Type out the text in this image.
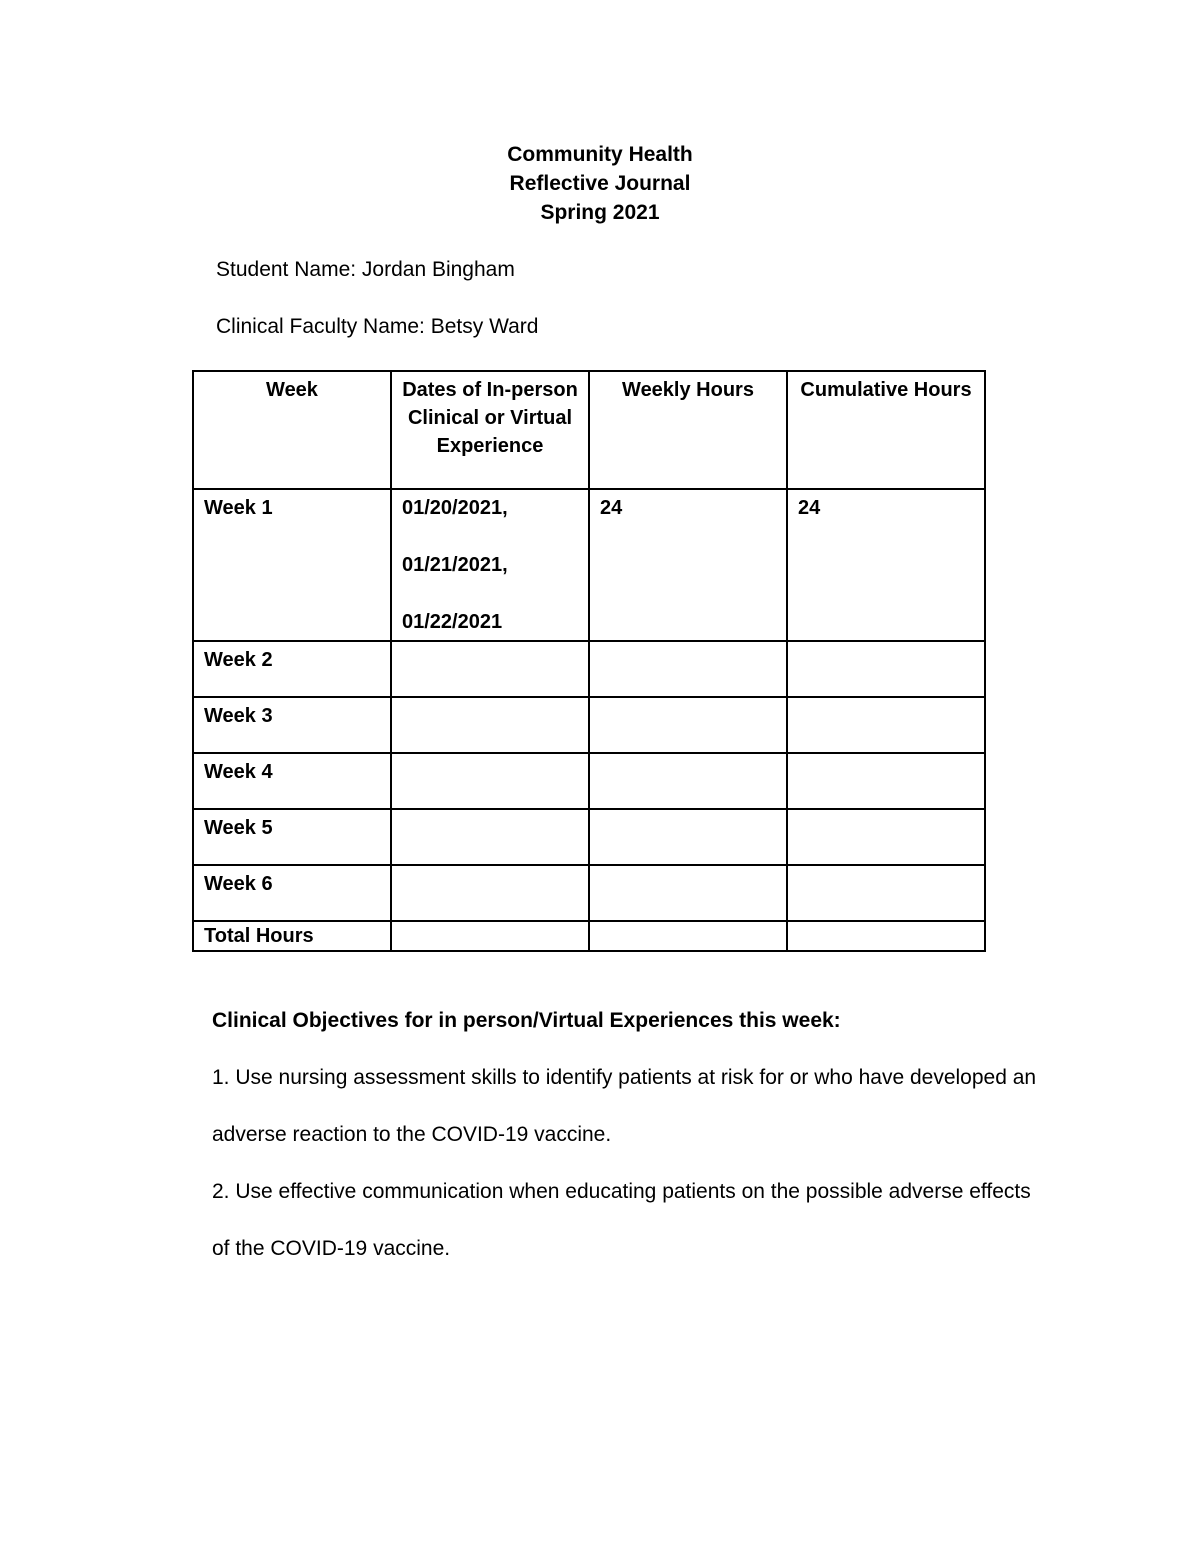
Community Health
Reflective Journal
Spring 2021
Student Name: Jordan Bingham
Clinical Faculty Name: Betsy Ward
Week	Dates of In-person Clinical or Virtual Experience	Weekly Hours	Cumulative Hours
Week 1	01/20/2021,
01/21/2021,
01/22/2021	24	24
Week 2			
Week 3			
Week 4			
Week 5			
Week 6			
Total Hours			
Clinical Objectives for in person/Virtual Experiences this week:
1. Use nursing assessment skills to identify patients at risk for or who have developed an
adverse reaction to the COVID-19 vaccine.
2. Use effective communication when educating patients on the possible adverse effects
of the COVID-19 vaccine.
